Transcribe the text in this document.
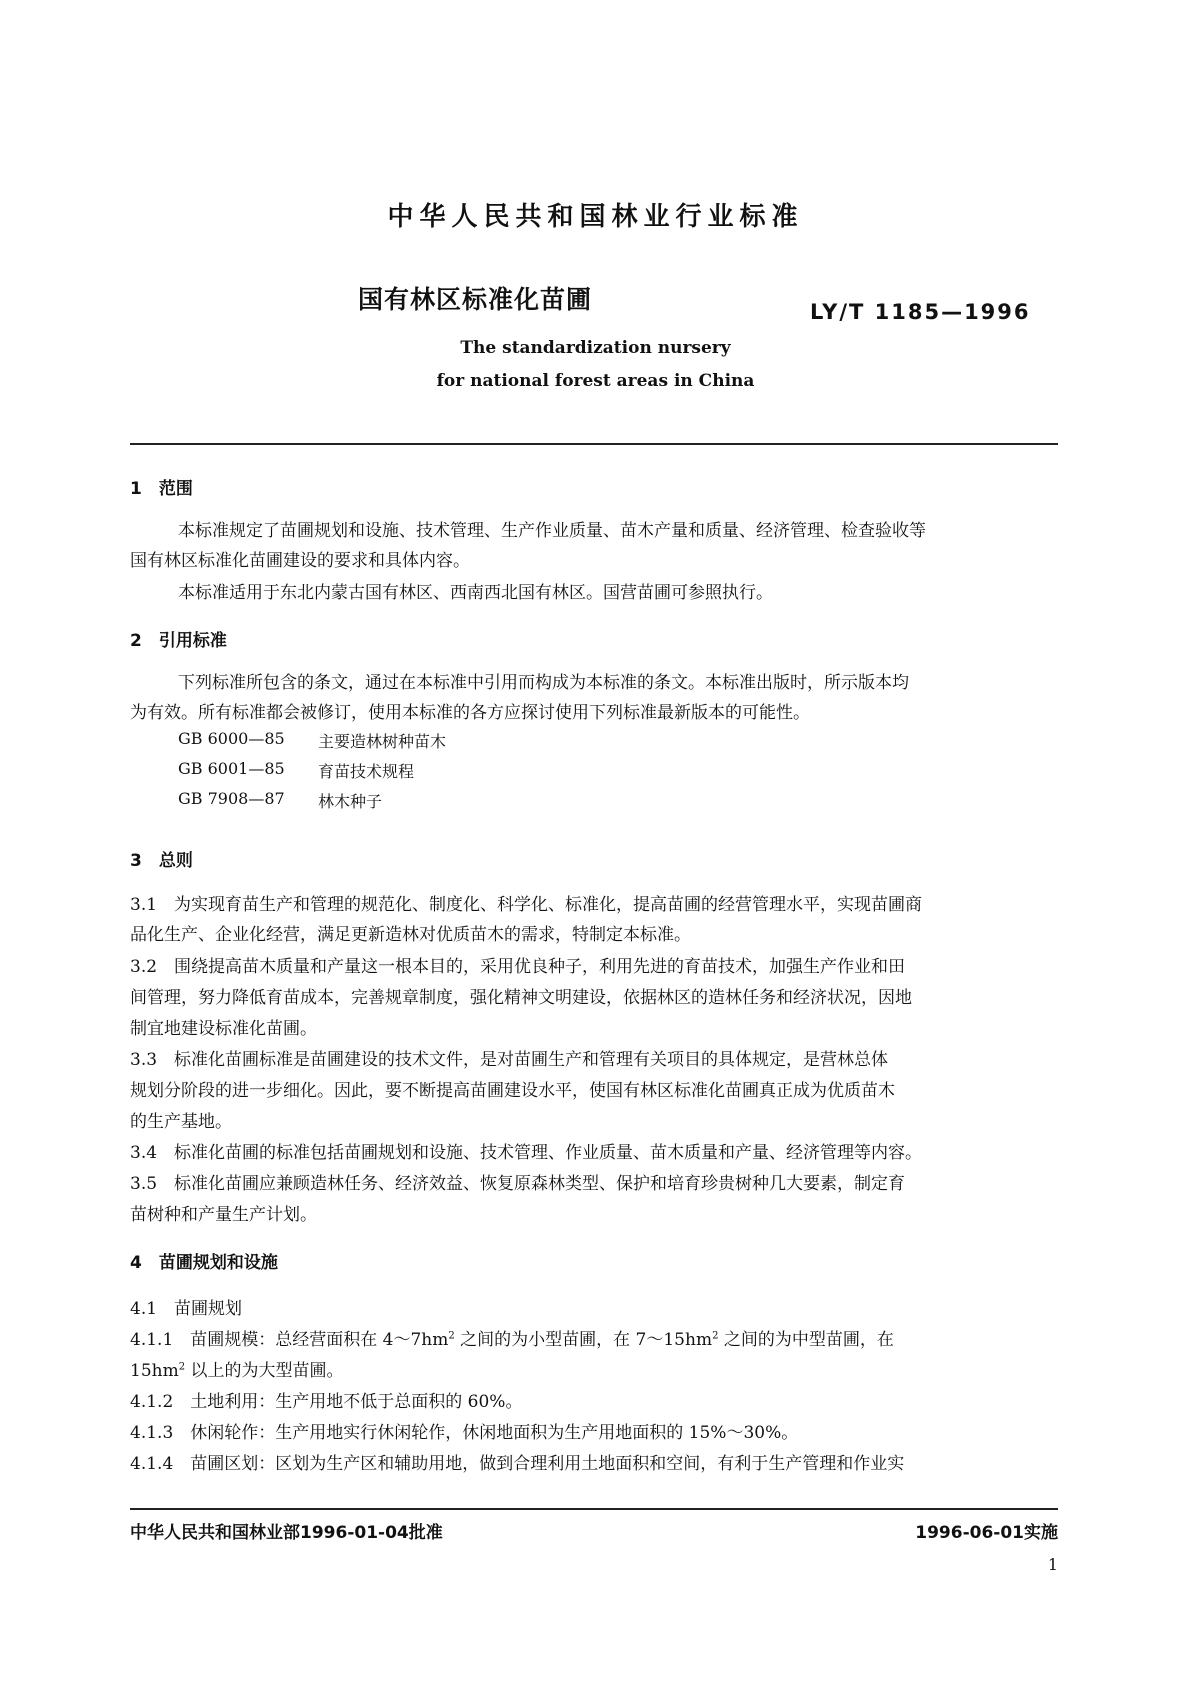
中华人民共和国林业行业标准
国有林区标准化苗圃	LY/T 1185—1996
The standardization nursery
for national forest areas in China
1　范围
本标准规定了苗圃规划和设施、技术管理、生产作业质量、苗木产量和质量、经济管理、检查验收等
国有林区标准化苗圃建设的要求和具体内容。
本标准适用于东北内蒙古国有林区、西南西北国有林区。国营苗圃可参照执行。
2　引用标准
下列标准所包含的条文，通过在本标准中引用而构成为本标准的条文。本标准出版时，所示版本均
为有效。所有标准都会被修订，使用本标准的各方应探讨使用下列标准最新版本的可能性。
GB 6000—85 主要造林树种苗木
GB 6001—85 育苗技术规程
GB 7908—87 林木种子
3　总则
3.1　为实现育苗生产和管理的规范化、制度化、科学化、标准化，提高苗圃的经营管理水平，实现苗圃商
品化生产、企业化经营，满足更新造林对优质苗木的需求，特制定本标准。
3.2　围绕提高苗木质量和产量这一根本目的，采用优良种子，利用先进的育苗技术，加强生产作业和田
间管理，努力降低育苗成本，完善规章制度，强化精神文明建设，依据林区的造林任务和经济状况，因地
制宜地建设标准化苗圃。
3.3　标准化苗圃标准是苗圃建设的技术文件，是对苗圃生产和管理有关项目的具体规定，是营林总体
规划分阶段的进一步细化。因此，要不断提高苗圃建设水平，使国有林区标准化苗圃真正成为优质苗木
的生产基地。
3.4　标准化苗圃的标准包括苗圃规划和设施、技术管理、作业质量、苗木质量和产量、经济管理等内容。
3.5　标准化苗圃应兼顾造林任务、经济效益、恢复原森林类型、保护和培育珍贵树种几大要素，制定育
苗树种和产量生产计划。
4　苗圃规划和设施
4.1　苗圃规划
4.1.1　苗圃规模：总经营面积在 $4\sim 7hm^2$ 之间的为小型苗圃，在 $7\sim 15hm^2$ 之间的为中型苗圃，在
$15hm^2$ 以上的为大型苗圃。
4.1.2　土地利用：生产用地不低于总面积的 60%。
4.1.3　休闲轮作：生产用地实行休闲轮作，休闲地面积为生产用地面积的 15%～30%。
4.1.4　苗圃区划：区划为生产区和辅助用地，做到合理利用土地面积和空间，有利于生产管理和作业实
中华人民共和国林业部1996-01-04批准	1996-06-01实施
1
